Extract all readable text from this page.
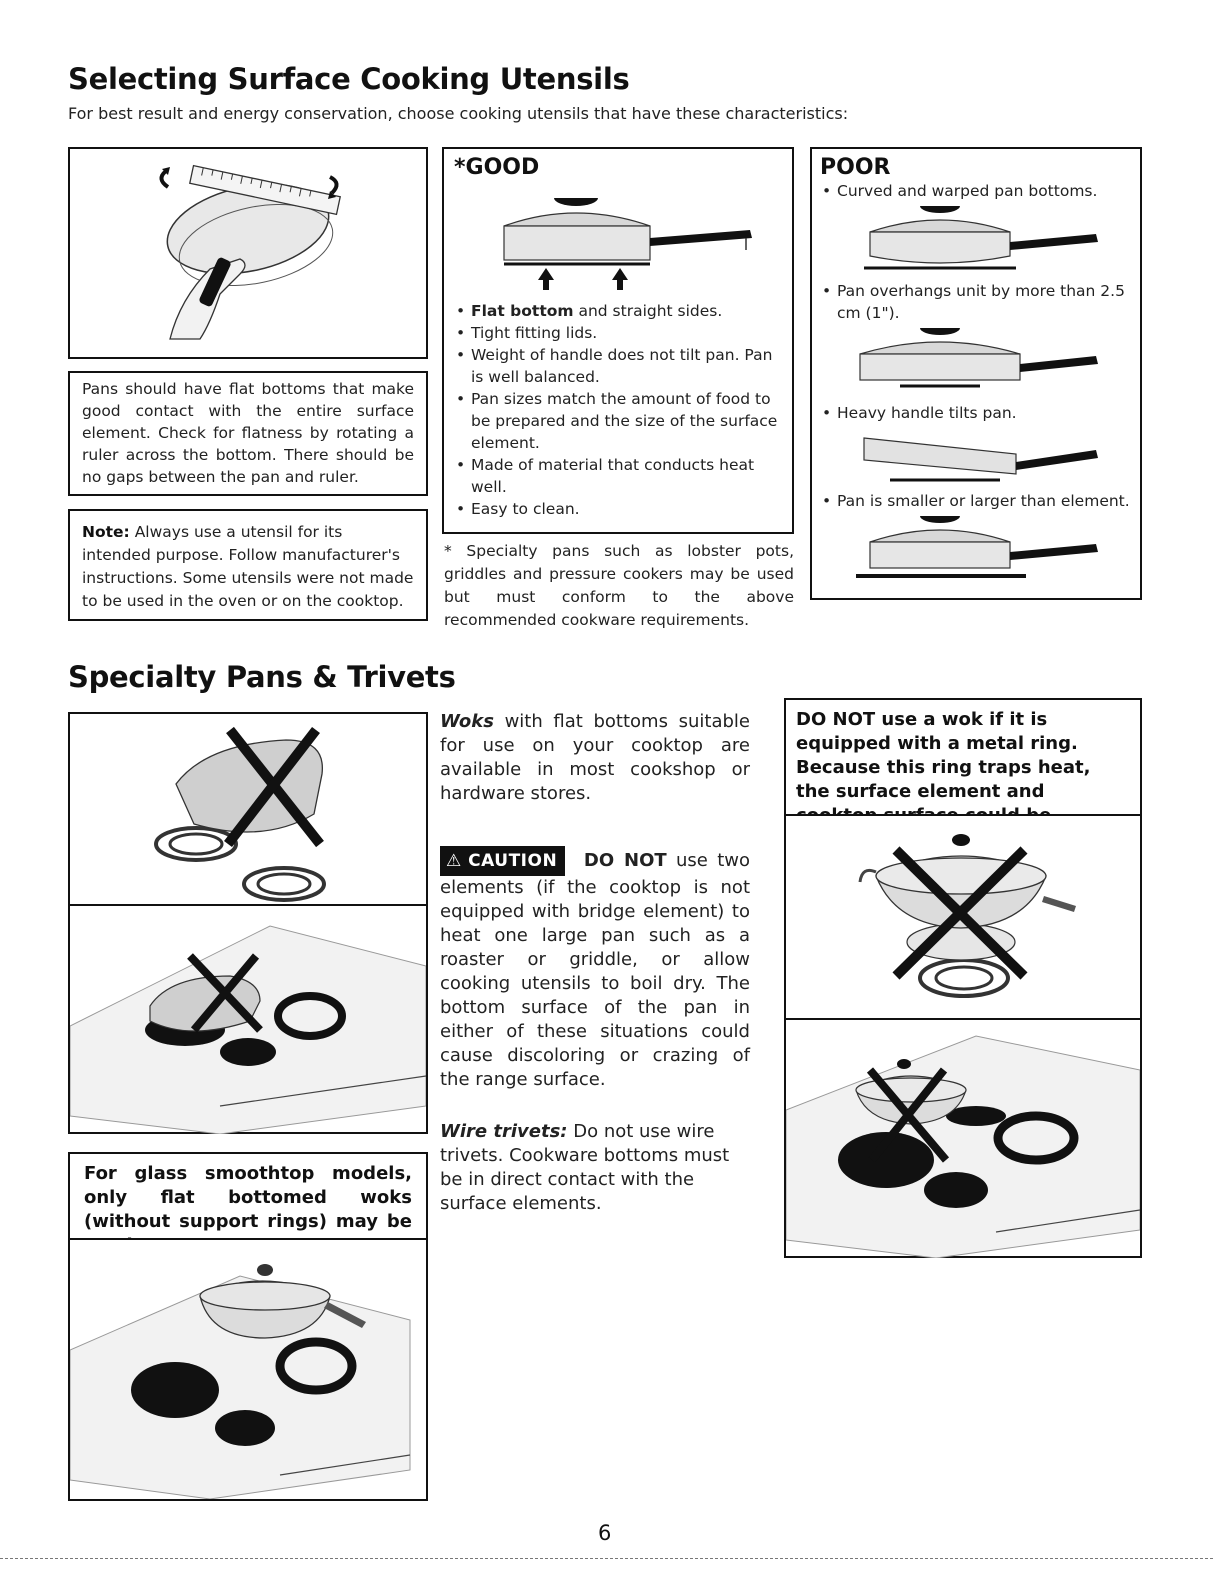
Selecting Surface Cooking Utensils
For best result and energy conservation, choose cooking utensils that have these characteristics:
Pans should have flat bottoms that make good contact with the entire surface element. Check for flatness by rotating a ruler across the bottom. There should be no gaps between the pan and ruler.
Note: Always use a utensil for its intended purpose. Follow manufacturer's instructions. Some utensils were not made to be used in the oven or on the cooktop.
*GOOD
• Flat bottom and straight sides.
• Tight fitting lids.
• Weight of handle does not tilt pan. Pan is well balanced.
• Pan sizes match the amount of food to be prepared and the size of the surface element.
• Made of material that conducts heat well.
• Easy to clean.
* Specialty pans such as lobster pots, griddles and pressure cookers may be used but must conform to the above recommended cookware requirements.
POOR
• Curved and warped pan bottoms.
• Pan overhangs unit by more than 2.5 cm (1").
• Heavy handle tilts pan.
• Pan is smaller or larger than element.
Specialty Pans & Trivets
For glass smoothtop models, only flat bottomed woks (without support rings) may be
Woks with flat bottoms suitable for use on your cooktop are available in most cookshop or hardware stores.
⚠ CAUTION DO NOT use two elements (if the cooktop is not equipped with bridge element) to heat one large pan such as a roaster or griddle, or allow cooking utensils to boil dry. The bottom surface of the pan in either of these situations could cause discoloring or crazing of the range surface.
Wire trivets: Do not use wire trivets. Cookware bottoms must be in direct contact with the surface elements.
DO NOT use a wok if it is equipped with a metal ring. Because this ring traps heat, the surface element and
6
